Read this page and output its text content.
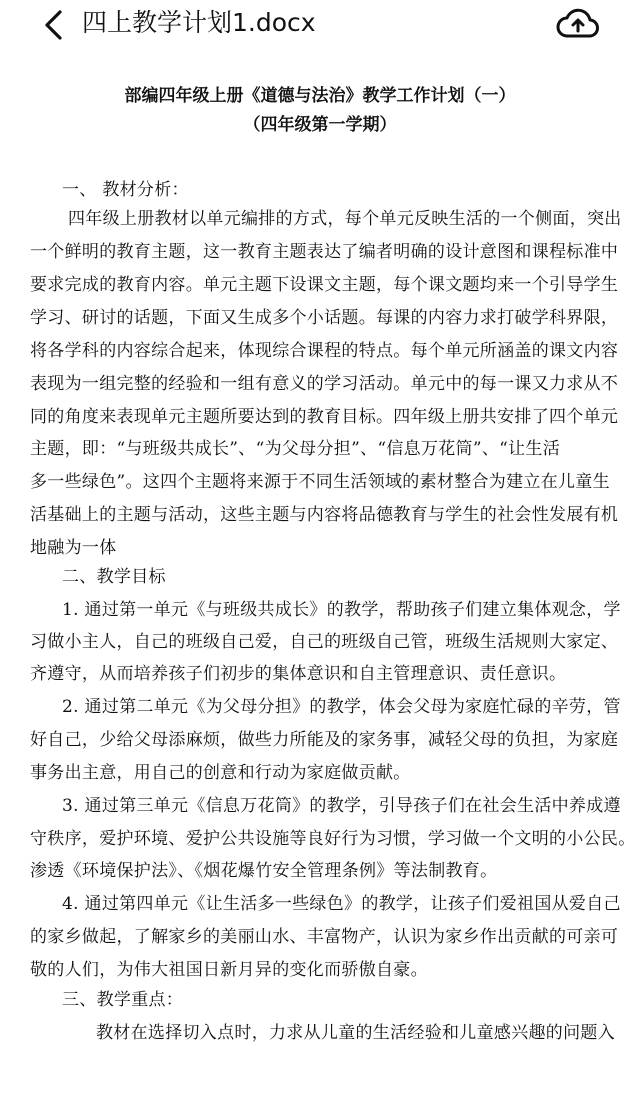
四上教学计划1.docx
部编四年级上册《道德与法治》教学工作计划（一）
（四年级第一学期）
一、 教材分析：
四年级上册教材以单元编排的方式，每个单元反映生活的一个侧面，突出
一个鲜明的教育主题，这一教育主题表达了编者明确的设计意图和课程标准中
要求完成的教育内容。单元主题下设课文主题，每个课文题均来一个引导学生
学习、研讨的话题，下面又生成多个小话题。每课的内容力求打破学科界限，
将各学科的内容综合起来，体现综合课程的特点。每个单元所涵盖的课文内容
表现为一组完整的经验和一组有意义的学习活动。单元中的每一课又力求从不
同的角度来表现单元主题所要达到的教育目标。四年级上册共安排了四个单元
主题，即：“与班级共成长”、“为父母分担”、“信息万花筒”、“让生活
多一些绿色”。这四个主题将来源于不同生活领域的素材整合为建立在儿童生
活基础上的主题与活动，这些主题与内容将品德教育与学生的社会性发展有机
地融为一体
二、教学目标
1. 通过第一单元《与班级共成长》的教学，帮助孩子们建立集体观念，学
习做小主人，自己的班级自己爱，自己的班级自己管，班级生活规则大家定、
齐遵守，从而培养孩子们初步的集体意识和自主管理意识、责任意识。
2. 通过第二单元《为父母分担》的教学，体会父母为家庭忙碌的辛劳，管
好自己，少给父母添麻烦，做些力所能及的家务事，减轻父母的负担，为家庭
事务出主意，用自己的创意和行动为家庭做贡献。
3. 通过第三单元《信息万花筒》的教学，引导孩子们在社会生活中养成遵
守秩序，爱护环境、爱护公共设施等良好行为习惯，学习做一个文明的小公民。
渗透《环境保护法》、《烟花爆竹安全管理条例》等法制教育。
4. 通过第四单元《让生活多一些绿色》的教学，让孩子们爱祖国从爱自己
的家乡做起，了解家乡的美丽山水、丰富物产，认识为家乡作出贡献的可亲可
敬的人们，为伟大祖国日新月异的变化而骄傲自豪。
三、教学重点：
教材在选择切入点时，力求从儿童的生活经验和儿童感兴趣的问题入
